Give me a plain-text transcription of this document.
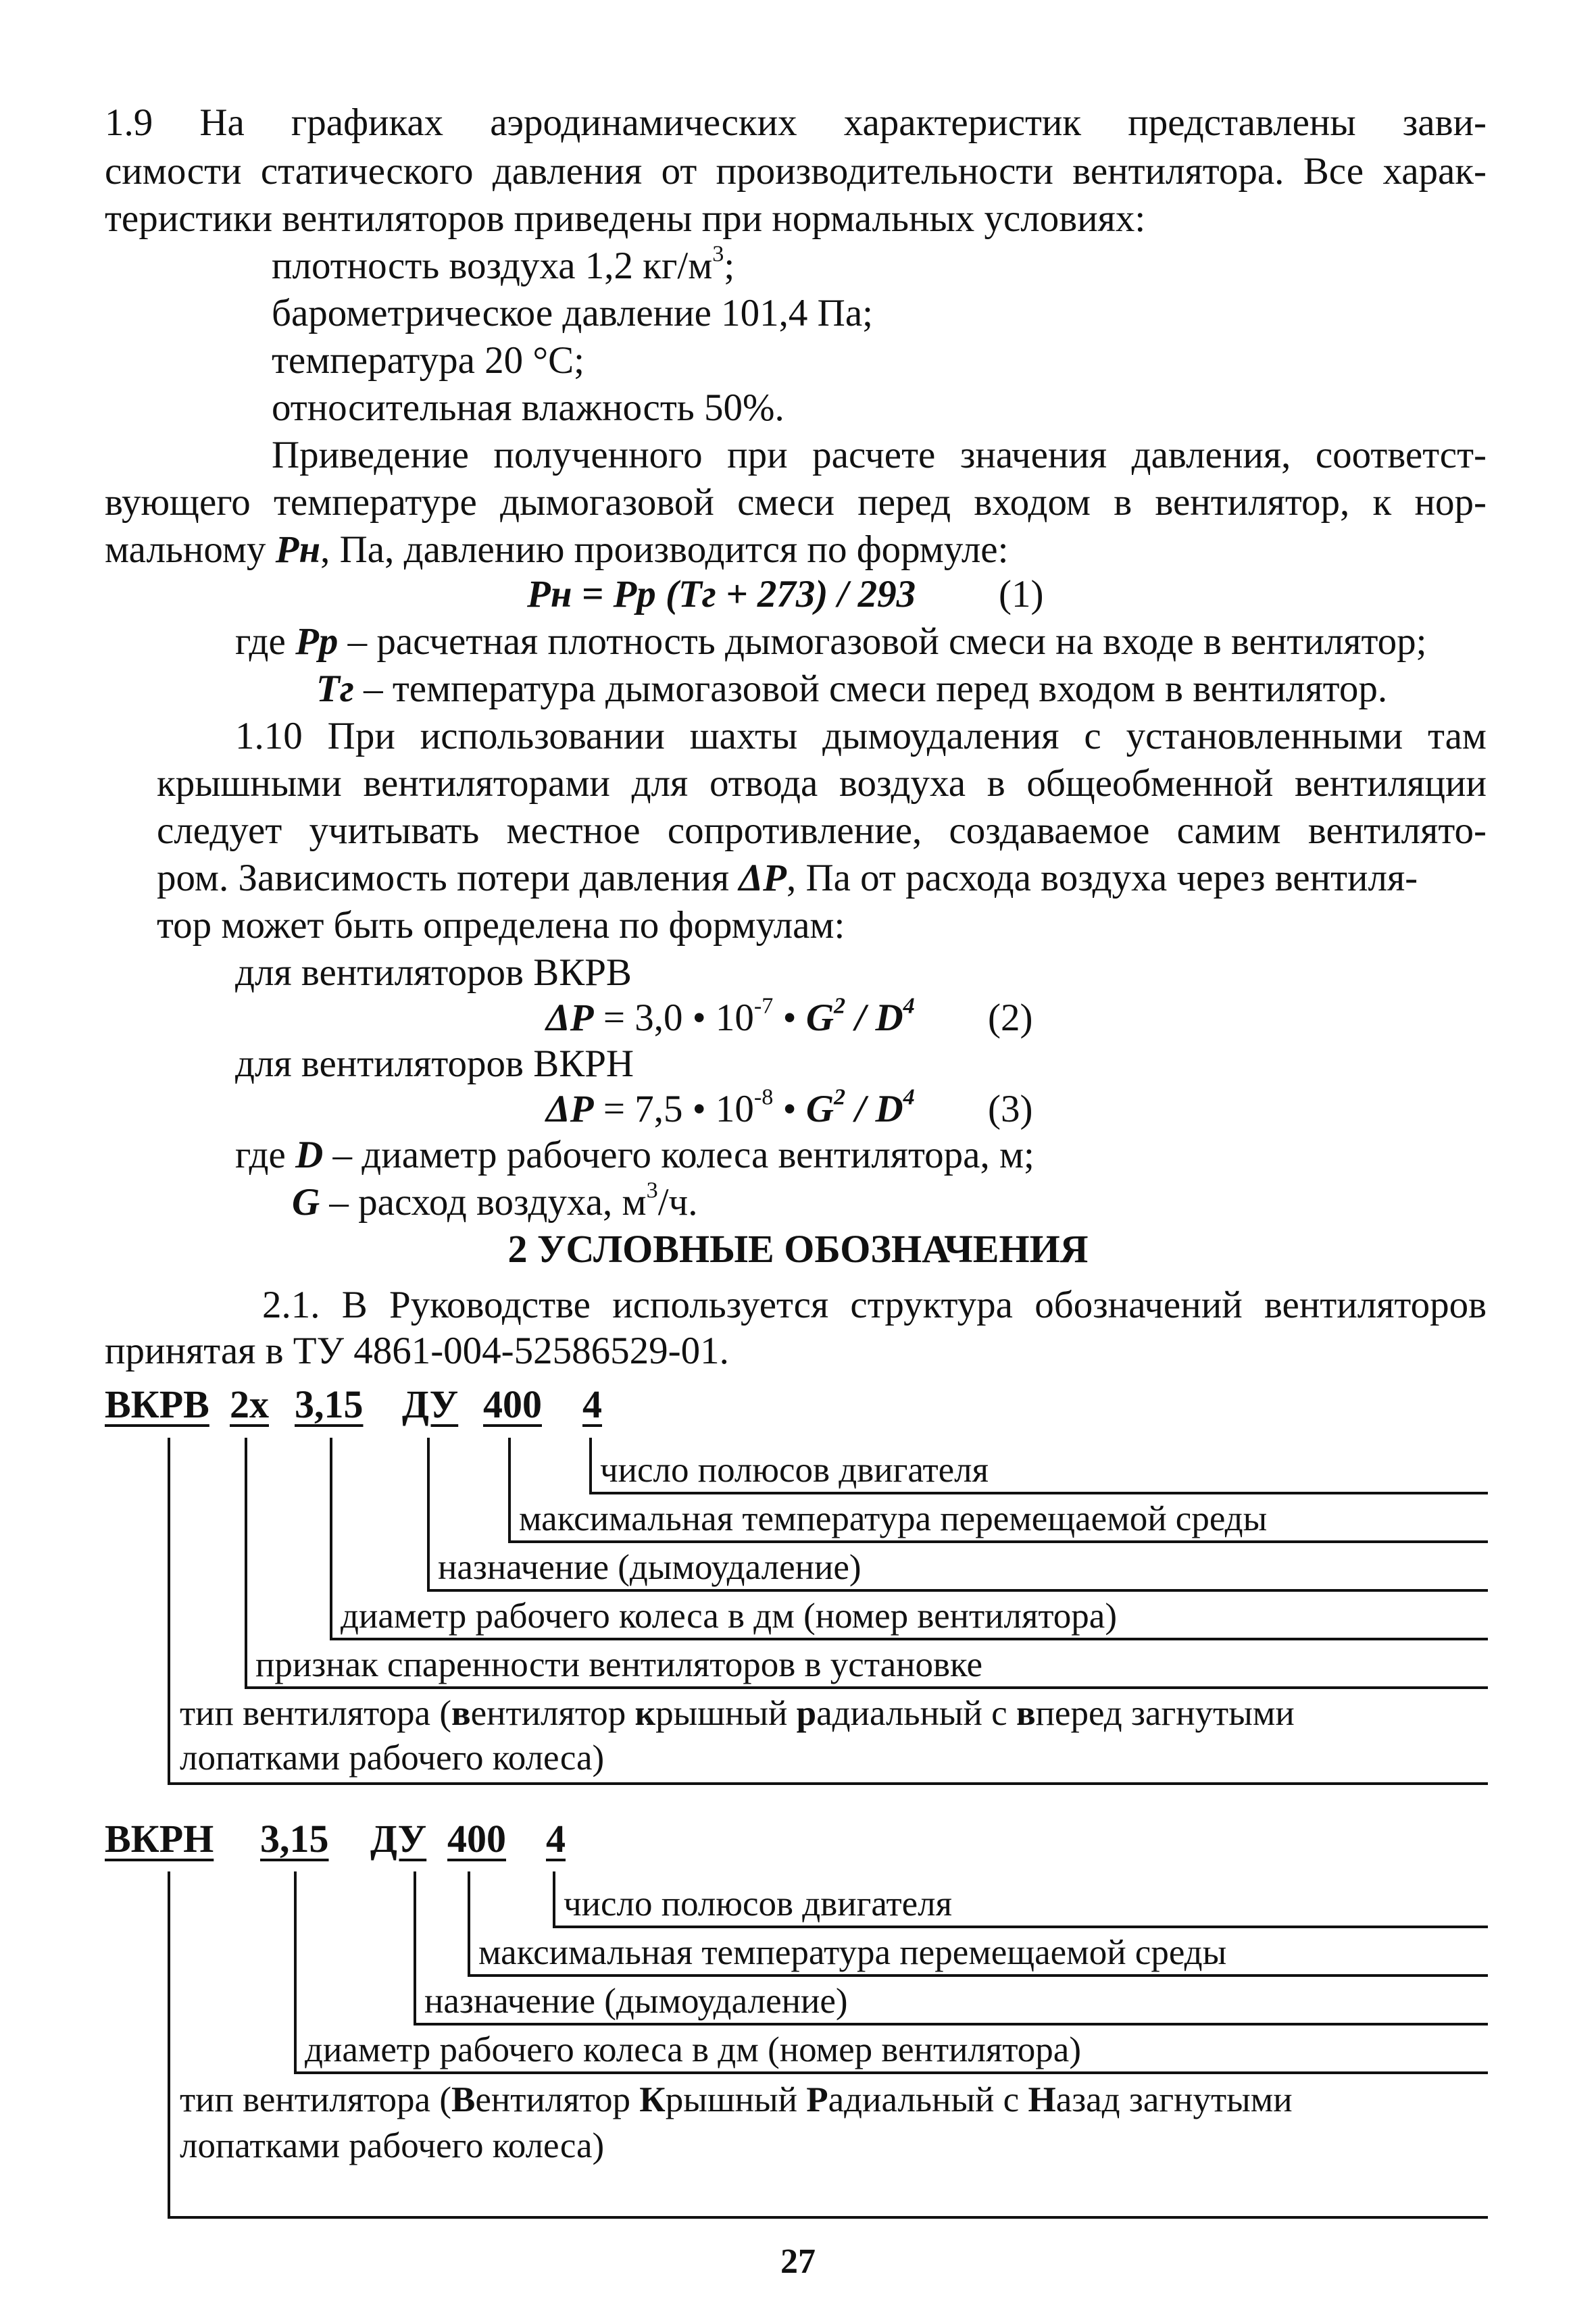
1.9 На графиках аэродинамических характеристик представлены зави-
симости статического давления от производительности вентилятора. Все харак-
теристики вентиляторов приведены при нормальных условиях:
плотность воздуха 1,2 $кг/м^3$;
барометрическое давление 101,4 Па;
температура 20 °С;
относительная влажность 50%.
Приведение полученного при расчете значения давления, соответст-
вующего температуре дымогазовой смеси перед входом в вентилятор, к нор-
мальному Рн, Па, давлению производится по формуле:
Рн = Рр (Тг + 273) / 293 (1)
где Рр – расчетная плотность дымогазовой смеси на входе в вентилятор;
Тг – температура дымогазовой смеси перед входом в вентилятор.
1.10 При использовании шахты дымоудаления с установленными там
крышными вентиляторами для отвода воздуха в общеобменной вентиляции
следует учитывать местное сопротивление, создаваемое самим вентилято-
ром. Зависимость потери давления ΔР, Па от расхода воздуха через вентиля-
тор может быть определена по формулам:
для вентиляторов ВКРВ
ΔР = 3,0 • $10^{-7}$ • $G^2 / D^4$ (2)
для вентиляторов ВКРН
ΔР = 7,5 • $10^{-8}$ • $G^2 / D^4$ (3)
где D – диаметр рабочего колеса вентилятора, м;
G – расход воздуха, $м^3/ч$.
2 УСЛОВНЫЕ ОБОЗНАЧЕНИЯ
2.1. В Руководстве используется структура обозначений вентиляторов
принятая в ТУ 4861-004-52586529-01.
ВКРВ 2х 3,15 ДУ 400 4
число полюсов двигателя
максимальная температура перемещаемой среды
назначение (дымоудаление)
диаметр рабочего колеса в дм (номер вентилятора)
признак спаренности вентиляторов в установке
тип вентилятора (вентилятор крышный радиальный с вперед загнутыми
лопатками рабочего колеса)
ВКРН 3,15 ДУ 400 4
число полюсов двигателя
максимальная температура перемещаемой среды
назначение (дымоудаление)
диаметр рабочего колеса в дм (номер вентилятора)
тип вентилятора (Вентилятор Крышный Радиальный с Назад загнутыми
лопатками рабочего колеса)
27
